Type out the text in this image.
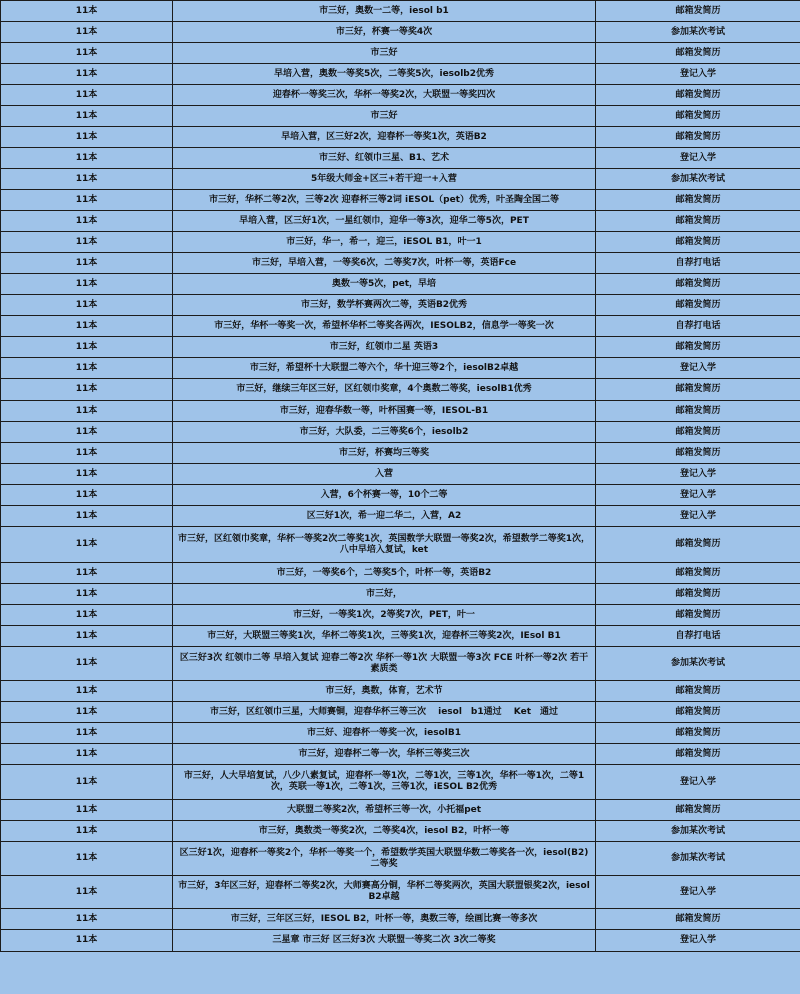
11本	市三好，奥数一二等，iesol b1	邮箱发简历
11本	市三好，杯赛一等奖4次	参加某次考试
11本	市三好	邮箱发简历
11本	早培入营，奥数一等奖5次，二等奖5次，iesolb2优秀	登记入学
11本	迎春杯一等奖三次，华杯一等奖2次，大联盟一等奖四次	邮箱发简历
11本	市三好	邮箱发简历
11本	早培入营，区三好2次，迎春杯一等奖1次，英语B2	邮箱发简历
11本	市三好、红领巾三星、B1、艺术	登记入学
11本	5年级大师金+区三+若干迎一+入营	参加某次考试
11本	市三好，华杯二等2次，三等2次 迎春杯三等2词 iESOL（pet）优秀，叶圣陶全国二等	邮箱发简历
11本	早培入营，区三好1次，一星红领巾，迎华一等3次，迎华二等5次，PET	邮箱发简历
11本	市三好，华一，希一，迎三，iESOL B1，叶一1	邮箱发简历
11本	市三好，早培入营，一等奖6次，二等奖7次，叶杯一等，英语Fce	自荐打电话
11本	奥数一等5次，pet，早培	邮箱发简历
11本	市三好，数学杯赛两次二等，英语B2优秀	邮箱发简历
11本	市三好，华杯一等奖一次，希望杯华杯二等奖各两次，IESOLB2，信息学一等奖一次	自荐打电话
11本	市三好，红领巾二星 英语3	邮箱发简历
11本	市三好，希望杯十大联盟二等六个，华十迎三等2个，iesolB2卓越	登记入学
11本	市三好，继续三年区三好，区红领巾奖章，4个奥数二等奖，iesolB1优秀	邮箱发简历
11本	市三好，迎春华数一等，叶杯国赛一等，IESOL-B1	邮箱发简历
11本	市三好，大队委，二三等奖6个，iesolb2	邮箱发简历
11本	市三好，杯赛均三等奖	邮箱发简历
11本	入营	登记入学
11本	入营，6个杯赛一等，10个二等	登记入学
11本	区三好1次，希一迎二华二，入营，A2	登记入学
11本	市三好，区红领巾奖章，华杯一等奖2次二等奖1次，英国数学大联盟一等奖2次，希望数学二等奖1次，八中早培入复试，ket	邮箱发简历
11本	市三好，一等奖6个，二等奖5个，叶杯一等，英语B2	邮箱发简历
11本	市三好，	邮箱发简历
11本	市三好，一等奖1次，2等奖7次，PET，叶一	邮箱发简历
11本	市三好，大联盟三等奖1次，华杯二等奖1次，三等奖1次，迎春杯三等奖2次，IEsol B1	自荐打电话
11本	区三好3次 红领巾二等 早培入复试 迎春二等2次 华杯一等1次 大联盟一等3次 FCE 叶杯一等2次 若干素质类	参加某次考试
11本	市三好，奥数，体育，艺术节	邮箱发简历
11本	市三好，区红领巾三星，大师赛铜，迎春华杯三等三次　 iesol　b1通过　 Ket　通过	邮箱发简历
11本	市三好、迎春杯一等奖一次，iesolB1	邮箱发简历
11本	市三好，迎春杯二等一次，华杯三等奖三次	邮箱发简历
11本	市三好，人大早培复试，八少八素复试，迎春杯一等1次，二等1次，三等1次，华杯一等1次，二等1次，英联一等1次，二等1次，三等1次，iESOL B2优秀	登记入学
11本	大联盟二等奖2次，希望杯三等一次，小托福pet	邮箱发简历
11本	市三好，奥数类一等奖2次，二等奖4次，iesol B2，叶杯一等	参加某次考试
11本	区三好1次，迎春杯一等奖2个，华杯一等奖一个，希望数学英国大联盟华数二等奖各一次，iesol(B2)二等奖	参加某次考试
11本	市三好，3年区三好，迎春杯二等奖2次，大师赛高分铜，华杯二等奖两次，英国大联盟银奖2次，iesol B2卓越	登记入学
11本	市三好，三年区三好，IESOL B2，叶杯一等，奥数三等，绘画比赛一等多次	邮箱发简历
11本	三星章 市三好 区三好3次 大联盟一等奖二次 3次二等奖	登记入学
